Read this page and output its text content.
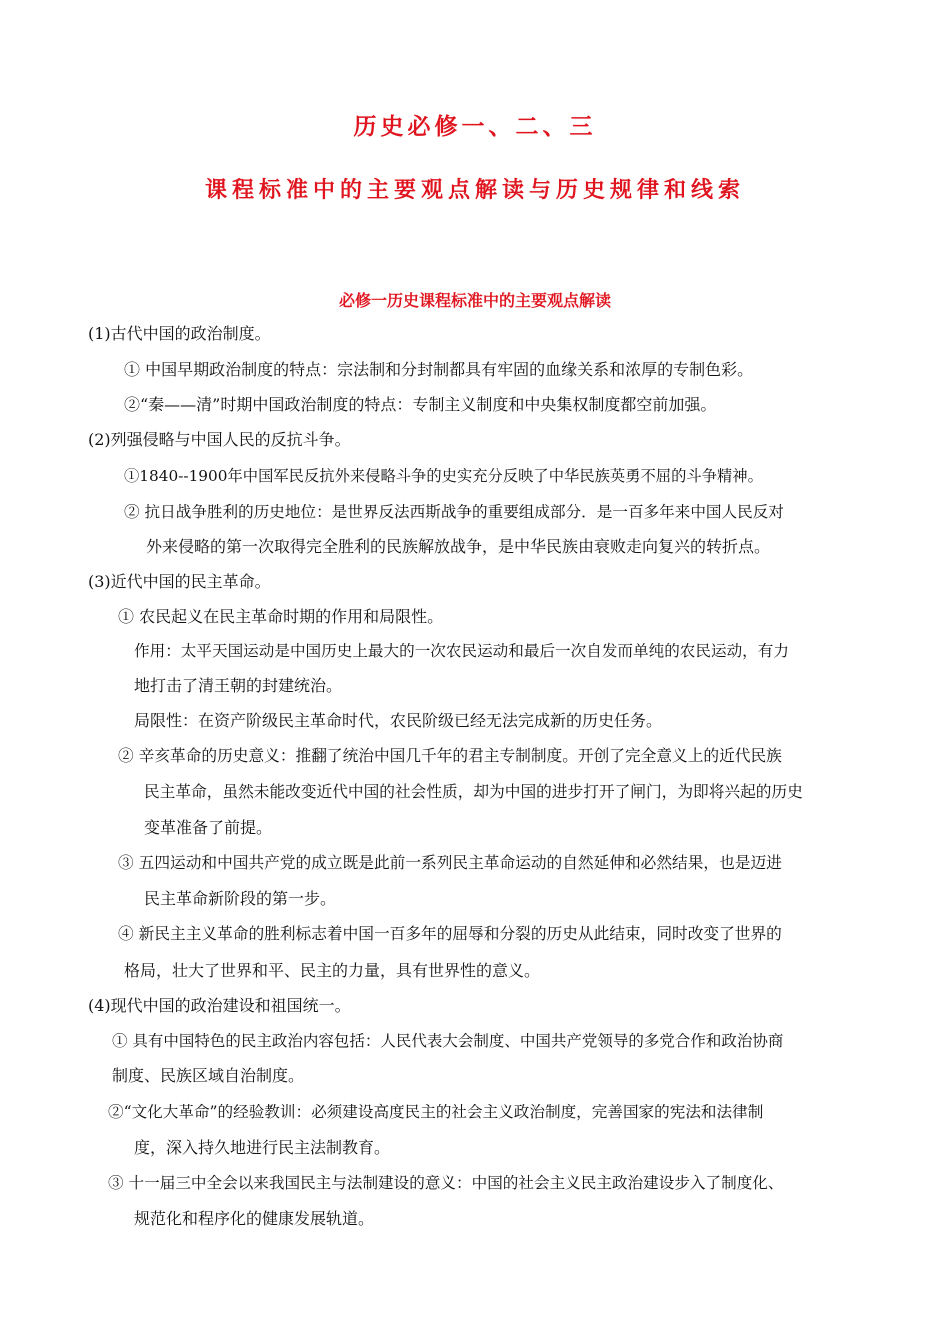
历史必修一、二、三
课程标准中的主要观点解读与历史规律和线索
必修一历史课程标准中的主要观点解读
(1)古代中国的政治制度。
① 中国早期政治制度的特点：宗法制和分封制都具有牢固的血缘关系和浓厚的专制色彩。
②“秦——清”时期中国政治制度的特点：专制主义制度和中央集权制度都空前加强。
(2)列强侵略与中国人民的反抗斗争。
①1840--1900年中国军民反抗外来侵略斗争的史实充分反映了中华民族英勇不屈的斗争精神。
② 抗日战争胜利的历史地位：是世界反法西斯战争的重要组成部分．是一百多年来中国人民反对
外来侵略的第一次取得完全胜利的民族解放战争，是中华民族由衰败走向复兴的转折点。
(3)近代中国的民主革命。
① 农民起义在民主革命时期的作用和局限性。
作用：太平天国运动是中国历史上最大的一次农民运动和最后一次自发而单纯的农民运动，有力
地打击了清王朝的封建统治。
局限性：在资产阶级民主革命时代，农民阶级已经无法完成新的历史任务。
② 辛亥革命的历史意义：推翻了统治中国几千年的君主专制制度。开创了完全意义上的近代民族
民主革命，虽然未能改变近代中国的社会性质，却为中国的进步打开了闸门，为即将兴起的历史
变革准备了前提。
③ 五四运动和中国共产党的成立既是此前一系列民主革命运动的自然延伸和必然结果，也是迈进
民主革命新阶段的第一步。
④ 新民主主义革命的胜利标志着中国一百多年的屈辱和分裂的历史从此结束，同时改变了世界的
格局，壮大了世界和平、民主的力量，具有世界性的意义。
(4)现代中国的政治建设和祖国统一。
① 具有中国特色的民主政治内容包括：人民代表大会制度、中国共产党领导的多党合作和政治协商
制度、民族区域自治制度。
②“文化大革命”的经验教训：必须建设高度民主的社会主义政治制度，完善国家的宪法和法律制
度，深入持久地进行民主法制教育。
③ 十一届三中全会以来我国民主与法制建设的意义：中国的社会主义民主政治建设步入了制度化、
规范化和程序化的健康发展轨道。
